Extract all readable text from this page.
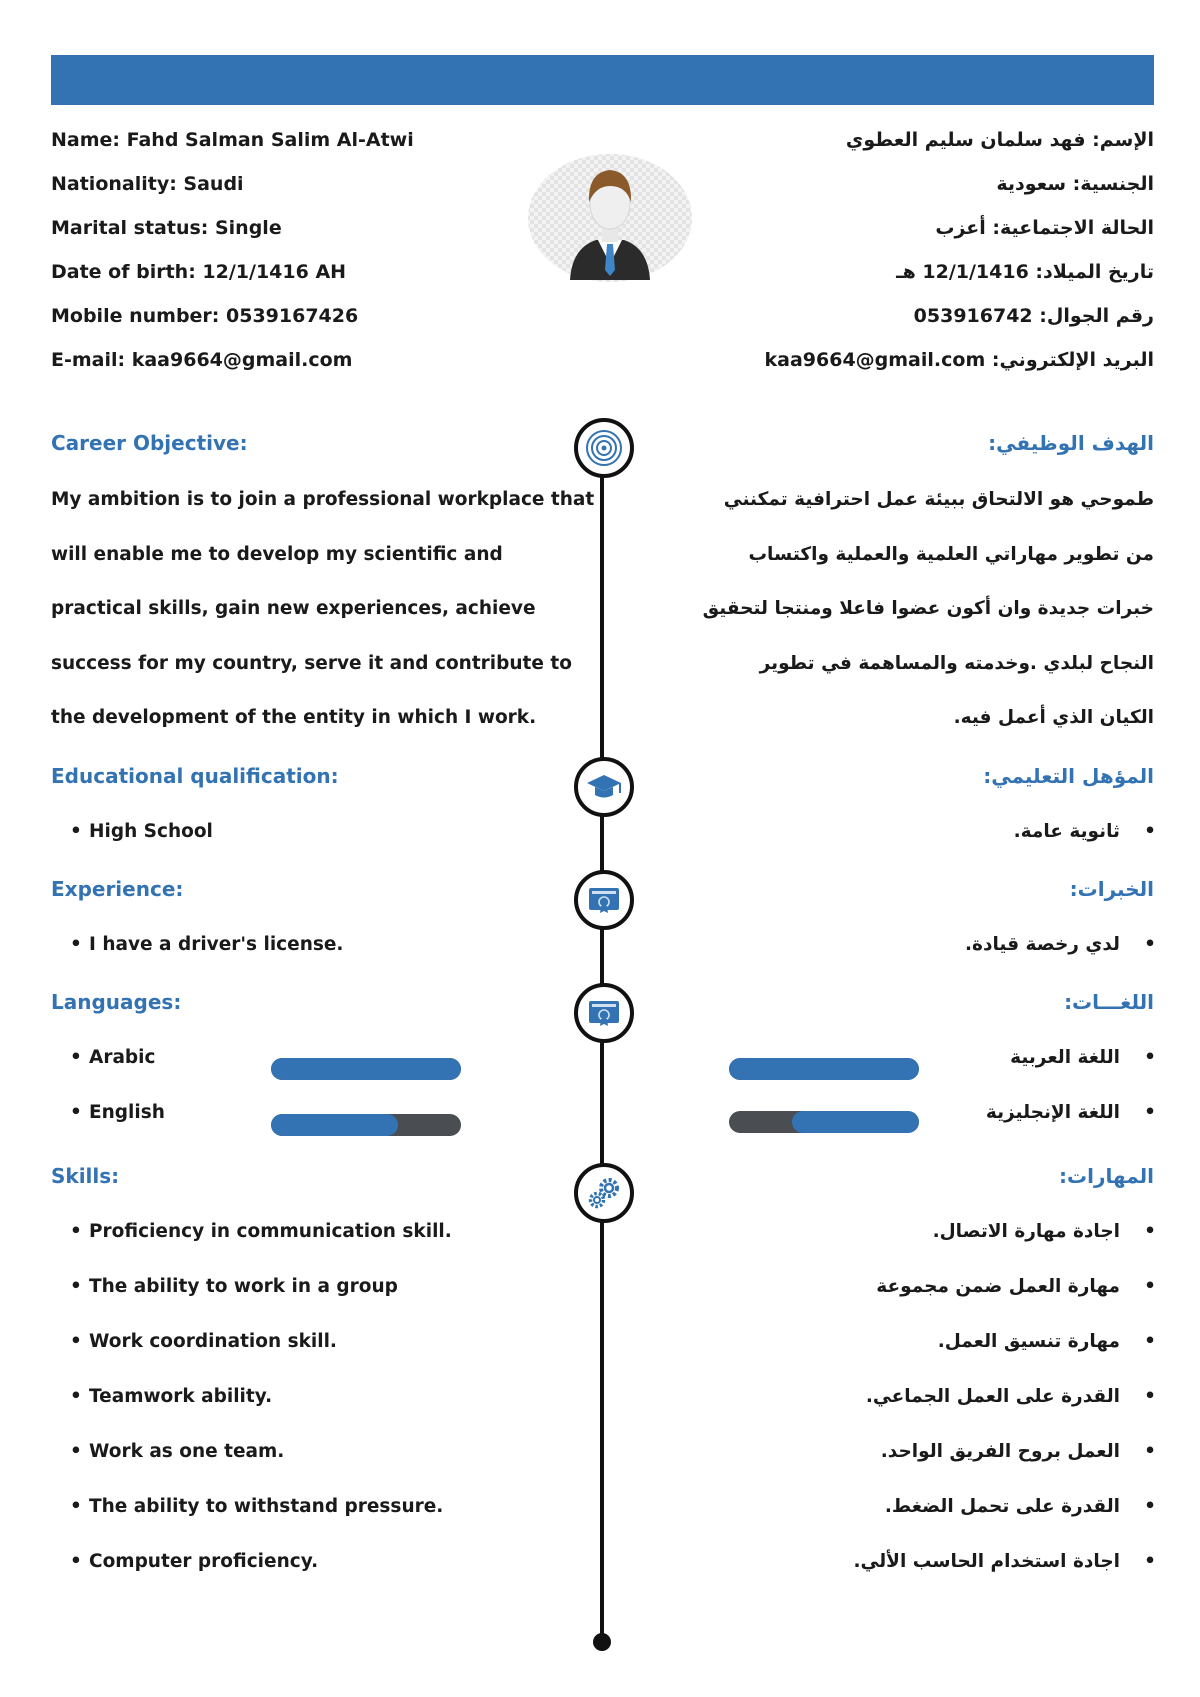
Name: Fahd Salman Salim Al-Atwi
Nationality: Saudi
Marital status: Single
Date of birth: 12/1/1416 AH
Mobile number: 0539167426
E-mail: kaa9664@gmail.com
الإسم: فهد سلمان سليم العطوي
الجنسية: سعودية
الحالة الاجتماعية: أعزب
تاريخ الميلاد: 12/1/1416 هـ
رقم الجوال: 053916742
البريد الإلكتروني: kaa9664@gmail.com
Career Objective:	الهدف الوظيفي:
My ambition is to join a professional workplace that
will enable me to develop my scientific and
practical skills, gain new experiences, achieve
success for my country, serve it and contribute to
the development of the entity in which I work.
طموحي هو الالتحاق ببيئة عمل احترافية تمكنني
من تطوير مهاراتي العلمية والعملية واكتساب
خبرات جديدة وان أكون عضوا فاعلا ومنتجا لتحقيق
النجاح لبلدي .وخدمته والمساهمة في تطوير
الكيان الذي أعمل فيه.
Educational qualification:	المؤهل التعليمي:
• High School	•
ثانوية عامة.
Experience:	الخبرات:
• I have a driver's license.	•
لدي رخصة قيادة.
Languages:	اللغـــات:
• Arabic
• English
•
اللغة العربية
•
اللغة الإنجليزية
Skills:	المهارات:
• Proficiency in communication skill.
• The ability to work in a group
• Work coordination skill.
• Teamwork ability.
• Work as one team.
• The ability to withstand pressure.
• Computer proficiency.
•
اجادة مهارة الاتصال.
•
مهارة العمل ضمن مجموعة
•
مهارة تنسيق العمل.
•
القدرة على العمل الجماعي.
•
العمل بروح الفريق الواحد.
•
القدرة على تحمل الضغط.
•
اجادة استخدام الحاسب الألي.
